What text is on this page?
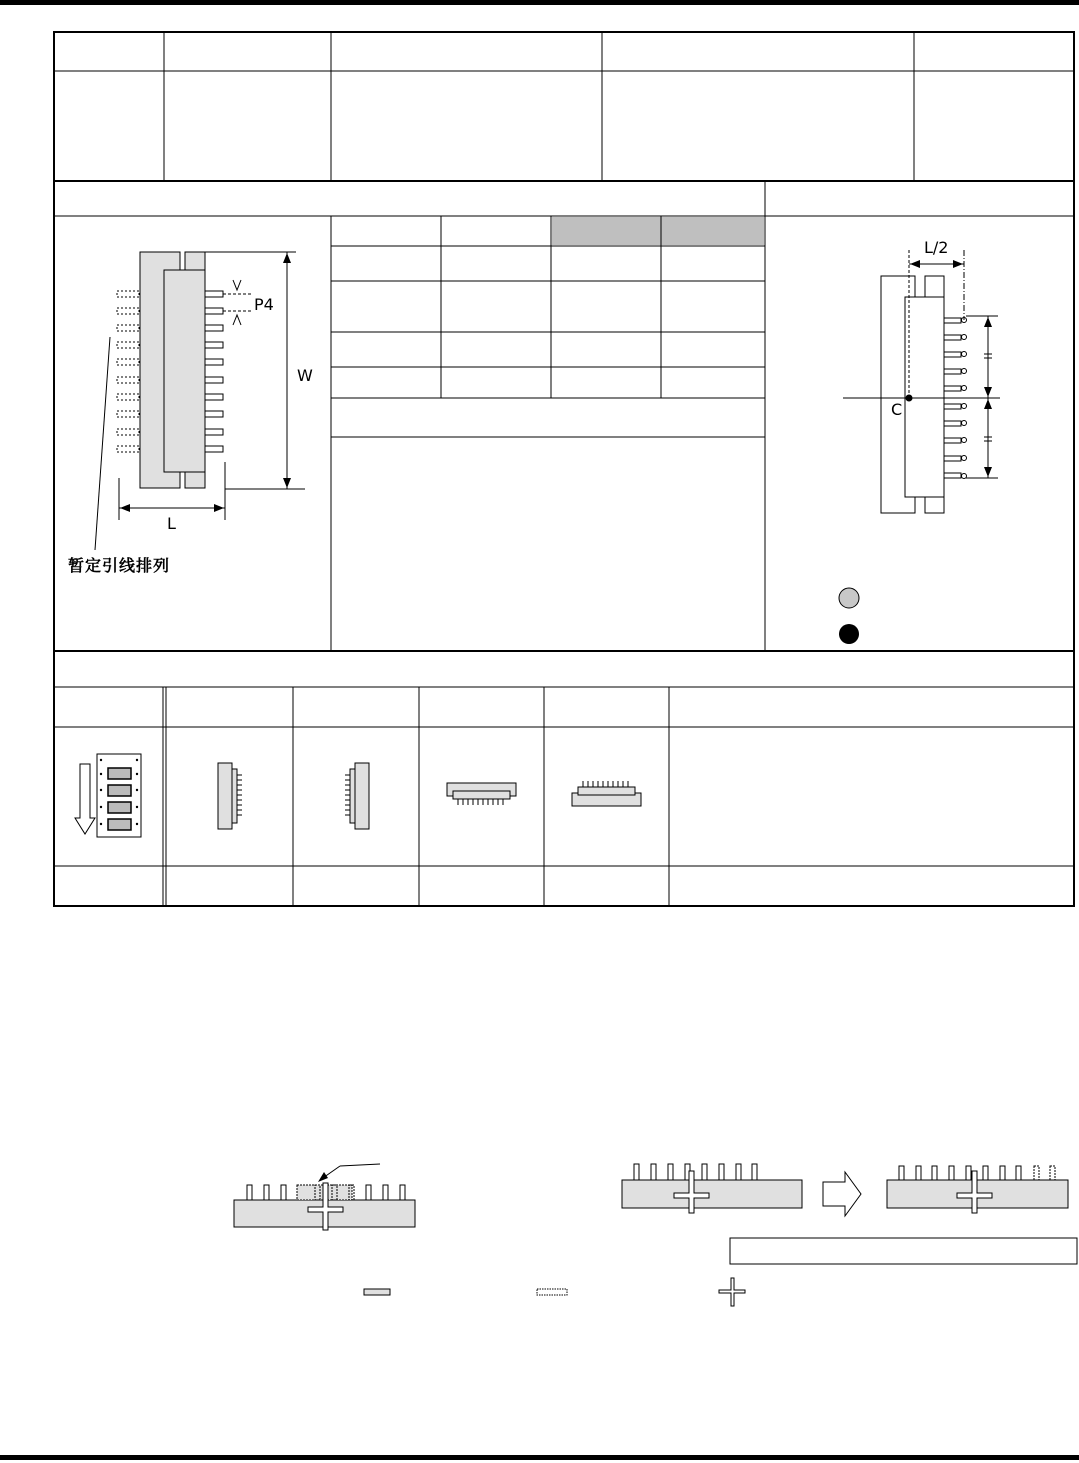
P4
W
L
暂定引线排列
L/2
C
